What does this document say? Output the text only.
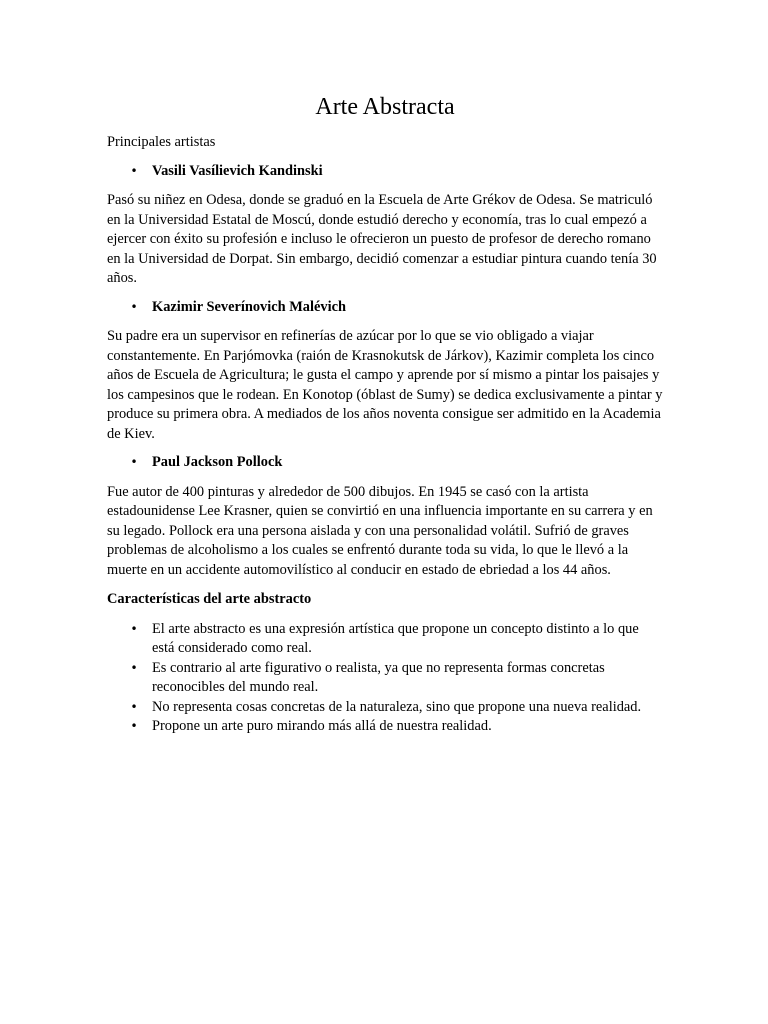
Arte Abstracta

Principales artistas

• Vasili Vasílievich Kandinski

Pasó su niñez en Odesa, donde se graduó en la Escuela de Arte Grékov de Odesa. Se matriculó en la Universidad Estatal de Moscú, donde estudió derecho y economía, tras lo cual empezó a ejercer con éxito su profesión e incluso le ofrecieron un puesto de profesor de derecho romano en la Universidad de Dorpat. Sin embargo, decidió comenzar a estudiar pintura cuando tenía 30 años.

• Kazimir Severínovich Malévich

Su padre era un supervisor en refinerías de azúcar por lo que se vio obligado a viajar constantemente. En Parjómovka (raión de Krasnokutsk de Járkov), Kazimir completa los cinco años de Escuela de Agricultura; le gusta el campo y aprende por sí mismo a pintar los paisajes y los campesinos que le rodean. En Konotop (óblast de Sumy) se dedica exclusivamente a pintar y produce su primera obra. A mediados de los años noventa consigue ser admitido en la Academia de Kiev.

• Paul Jackson Pollock

Fue autor de 400 pinturas y alrededor de 500 dibujos. En 1945 se casó con la artista estadounidense Lee Krasner, quien se convirtió en una influencia importante en su carrera y en su legado. Pollock era una persona aislada y con una personalidad volátil. Sufrió de graves problemas de alcoholismo a los cuales se enfrentó durante toda su vida, lo que le llevó a la muerte en un accidente automovilístico al conducir en estado de ebriedad a los 44 años.

Características del arte abstracto

• El arte abstracto es una expresión artística que propone un concepto distinto a lo que está considerado como real.
• Es contrario al arte figurativo o realista, ya que no representa formas concretas reconocibles del mundo real.
• No representa cosas concretas de la naturaleza, sino que propone una nueva realidad.
• Propone un arte puro mirando más allá de nuestra realidad.
